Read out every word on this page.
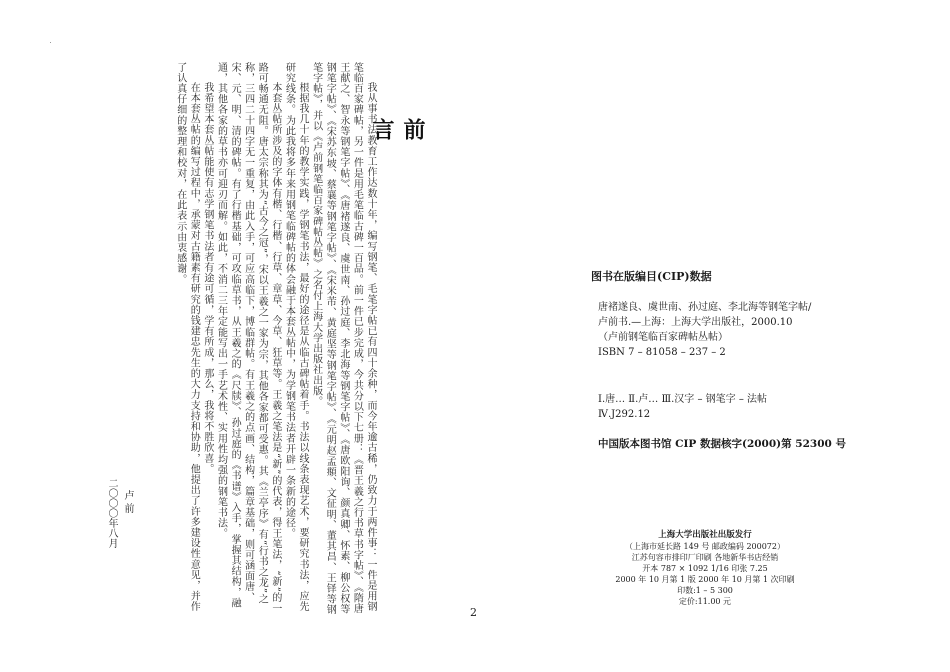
我从事书法教育工作达数十年，编写钢笔、毛笔字帖已有四十余种，而今年逾古稀，仍致力于两件事：一件是用钢笔临百家碑帖，另一件是用毛笔临古碑一百品。前一件已步完成，今共分以下七册：《晋王羲之行书草书字帖》、《隋唐王献之、智永等钢笔字帖》、《唐褚遂良、虞世南、孙过庭、李北海等钢笔字帖》、《唐欧阳询、颜真卿、怀素、柳公权等钢笔字帖》、《宋苏东坡、蔡襄等钢笔字帖》、《宋米芾、黄庭坚等钢笔字帖》、《元明赵孟頫、文征明、董其昌、王铎等钢笔字帖》，并以《卢前钢笔临百家碑帖丛帖》之名付上海大学出版社出版。

根据我几十年的教学实践，学钢笔书法，最好的途径是从临古碑帖着手。书法以线条表现艺术，要研究书法，应先研究线条。为此我将多年来用钢笔临碑帖的体会融于本套丛帖中，为学钢笔书法者开辟一条新的途径。

本套丛帖所涉及的字体有楷、行楷、行草、章草、今草、狂草等。王羲之笔法是“新”的代表，得王笔法，“新”的一路可畅通无阻。唐太宗称其为“古今之冠”，宋以王羲之一家为宗，其他各家都可受惠。其《兰亭序》有“行书之龙”之称，三四二十四字无一重复，由此入手，可应高临下，博临群帖。有王羲之的点画、结构，篇章基础，则可涵面唐、宋、元、明、清的碑帖。有了行楷基础，可攻临草书，从王羲之的《尺牍》、孙过庭的《书谱》入手，掌握其结构，融通，其他各家的草书亦可迎刃而解。如此，不消二三年定能写出一手艺术性、实用性均强的钢笔书法。

我希望本套丛帖能使有志学钢笔书法者有途可循，学有所成，那么，我将不胜欣喜。

在本套丛帖的编写过程中，承蒙对古籍素有研究的钱建忠先生的大力支持和协助，他提出了许多建设性意见，并作了认真仔细的整理和校对，在此表示由衷感谢。	前 言
卢 前
二〇〇〇年八月
图书在版编目(CIP)数据
唐褚遂良、虞世南、孙过庭、李北海等钢笔字帖/
卢前书.—上海：上海大学出版社，2000.10
（卢前钢笔临百家碑帖丛帖）
ISBN 7 – 81058 – 237 – 2
Ⅰ.唐… Ⅱ.卢… Ⅲ.汉字 – 钢笔字 – 法帖
Ⅳ.J292.12
中国版本图书馆 CIP 数据核字(2000)第 52300 号
上海大学出版社出版发行
（上海市延长路 149 号 邮政编码 200072）
江苏句容市排印厂印刷 各地新华书店经销
开本 787 × 1092 1/16 印张 7.25
2000 年 10 月第 1 版 2000 年 10 月第 1 次印刷
印数:1 – 5 300
定价:11.00 元
2
